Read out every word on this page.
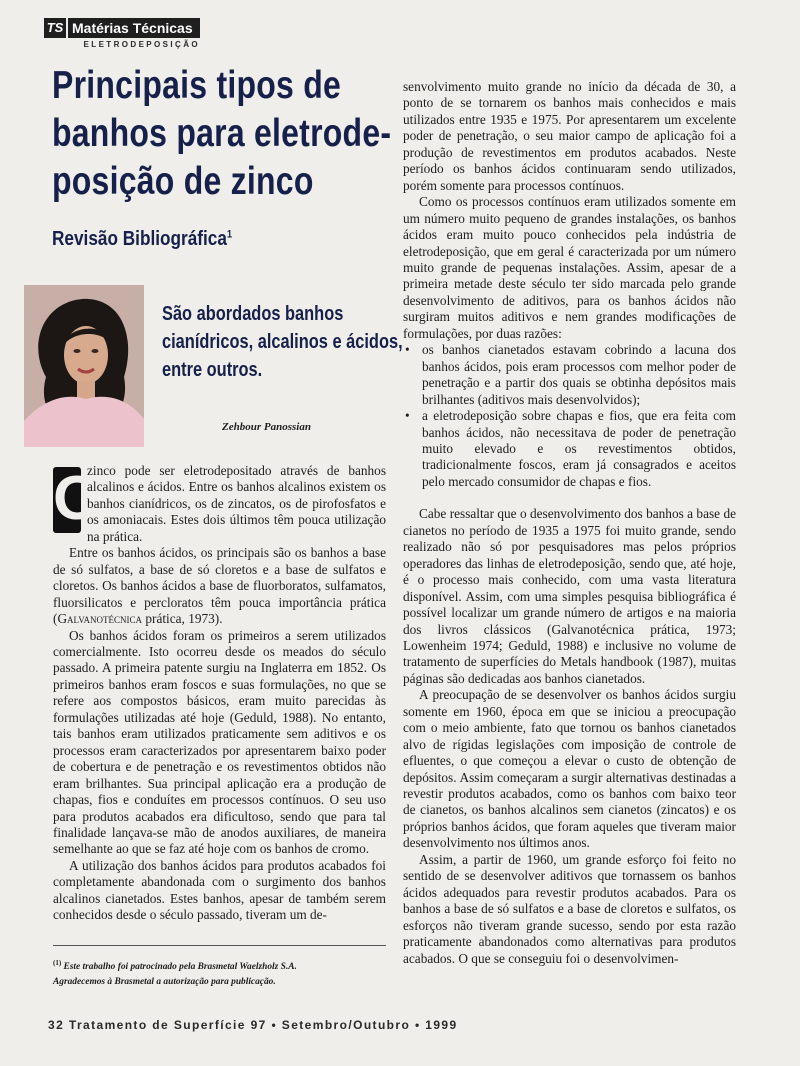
TS Matérias Técnicas
ELETRODEPOSIÇÃO
Principais tipos de
banhos para eletrode-
posição de zinco
Revisão Bibliográfica$^1$
São abordados banhos
cianídricos, alcalinos e ácidos,
entre outros.
Zehbour Panossian

O
zinco pode ser eletrodepositado através de banhos alcalinos e ácidos. Entre os banhos alcalinos existem os banhos cianídricos, os de zincatos, os de pirofosfatos e os amoniacais. Estes dois últimos têm pouca utilização na prática.

Entre os banhos ácidos, os principais são os banhos a base de só sulfatos, a base de só cloretos e a base de sulfatos e cloretos. Os banhos ácidos a base de fluorboratos, sulfamatos, fluorsilicatos e percloratos têm pouca importância prática (Galvanotécnica prática, 1973).

Os banhos ácidos foram os primeiros a serem utilizados comercialmente. Isto ocorreu desde os meados do século passado. A primeira patente surgiu na Inglaterra em 1852. Os primeiros banhos eram foscos e suas formulações, no que se refere aos compostos básicos, eram muito parecidas às formulações utilizadas até hoje (Geduld, 1988). No entanto, tais banhos eram utilizados praticamente sem aditivos e os processos eram caracterizados por apresentarem baixo poder de cobertura e de penetração e os revestimentos obtidos não eram brilhantes. Sua principal aplicação era a produção de chapas, fios e conduítes em processos contínuos. O seu uso para produtos acabados era dificultoso, sendo que para tal finalidade lançava-se mão de anodos auxiliares, de maneira semelhante ao que se faz até hoje com os banhos de cromo.

A utilização dos banhos ácidos para produtos acabados foi completamente abandonada com o surgimento dos banhos alcalinos cianetados. Estes banhos, apesar de também serem conhecidos desde o século passado, tiveram um de-

$^{(1)}$ Este trabalho foi patrocinado pela Brasmetal Waelzholz S.A.
Agradecemos à Brasmetal a autorização para publicação.

senvolvimento muito grande no início da década de 30, a ponto de se tornarem os banhos mais conhecidos e mais utilizados entre 1935 e 1975. Por apresentarem um excelente poder de penetração, o seu maior campo de aplicação foi a produção de revestimentos em produtos acabados. Neste período os banhos ácidos continuaram sendo utilizados, porém somente para processos contínuos.

Como os processos contínuos eram utilizados somente em um número muito pequeno de grandes instalações, os banhos ácidos eram muito pouco conhecidos pela indústria de eletrodeposição, que em geral é caracterizada por um número muito grande de pequenas instalações. Assim, apesar de a primeira metade deste século ter sido marcada pelo grande desenvolvimento de aditivos, para os banhos ácidos não surgiram muitos aditivos e nem grandes modificações de formulações, por duas razões:

• os banhos cianetados estavam cobrindo a lacuna dos banhos ácidos, pois eram processos com melhor poder de penetração e a partir dos quais se obtinha depósitos mais brilhantes (aditivos mais desenvolvidos);
• a eletrodeposição sobre chapas e fios, que era feita com banhos ácidos, não necessitava de poder de penetração muito elevado e os revestimentos obtidos, tradicionalmente foscos, eram já consagrados e aceitos pelo mercado consumidor de chapas e fios.

Cabe ressaltar que o desenvolvimento dos banhos a base de cianetos no período de 1935 a 1975 foi muito grande, sendo realizado não só por pesquisadores mas pelos próprios operadores das linhas de eletrodeposição, sendo que, até hoje, é o processo mais conhecido, com uma vasta literatura disponível. Assim, com uma simples pesquisa bibliográfica é possível localizar um grande número de artigos e na maioria dos livros clássicos (Galvanotécnica prática, 1973; Lowenheim 1974; Geduld, 1988) e inclusive no volume de tratamento de superfícies do Metals handbook (1987), muitas páginas são dedicadas aos banhos cianetados.

A preocupação de se desenvolver os banhos ácidos surgiu somente em 1960, época em que se iniciou a preocupação com o meio ambiente, fato que tornou os banhos cianetados alvo de rígidas legislações com imposição de controle de efluentes, o que começou a elevar o custo de obtenção de depósitos. Assim começaram a surgir alternativas destinadas a revestir produtos acabados, como os banhos com baixo teor de cianetos, os banhos alcalinos sem cianetos (zincatos) e os próprios banhos ácidos, que foram aqueles que tiveram maior desenvolvimento nos últimos anos.

Assim, a partir de 1960, um grande esforço foi feito no sentido de se desenvolver aditivos que tornassem os banhos ácidos adequados para revestir produtos acabados. Para os banhos a base de só sulfatos e a base de cloretos e sulfatos, os esforços não tiveram grande sucesso, sendo por esta razão praticamente abandonados como alternativas para produtos acabados. O que se conseguiu foi o desenvolvimen-

32 Tratamento de Superfície 97 • Setembro/Outubro • 1999
